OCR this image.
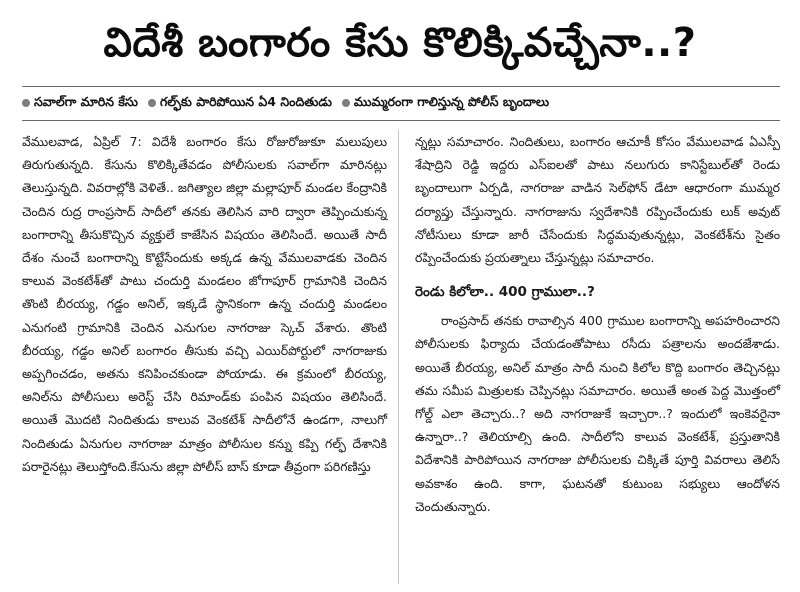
విదేశీ బంగారం కేసు కొలిక్కివచ్చేనా..?
సవాల్‌గా మారిన కేసు గల్ఫ్‌కు పారిపోయిన ఏ4 నిందితుడు ముమ్మరంగా గాలిస్తున్న పోలీస్ బృందాలు

వేములవాడ, ఏప్రిల్ 7: విదేశీ బంగారం కేసు రోజురోజుకూ మలుపులు తిరుగుతున్నది. కేసును కొలిక్కితేవడం పోలీసులకు సవాల్‌గా మారినట్లు తెలుస్తున్నది. వివరాల్లోకి వెళితే.. జగిత్యాల జిల్లా మల్లాపూర్ మండల కేంద్రానికి చెందిన రుద్ర రాంప్రసాద్ సాదీలో తనకు తెలిసిన వారి ద్వారా తెప్పించుకున్న బంగారాన్ని తీసుకొచ్చిన వ్యక్తులే కాజేసిన విషయం తెలిసిందే. అయితే సాదీ దేశం నుంచే బంగారాన్ని కొట్టేసేందుకు అక్కడ ఉన్న వేములవాడకు చెందిన కాలువ వెంకటేశ్‌తో పాటు చందుర్తి మండలం జోగాపూర్ గ్రామానికి చెందిన తొంటి బీరయ్య, గడ్డం అనిల్, ఇక్కడే స్థానికంగా ఉన్న చందుర్తి మండలం ఎనుగంటి గ్రామానికి చెందిన ఎనుగుల నాగరాజు స్కెచ్ వేశారు. తొంటి బీరయ్య, గడ్డం అనిల్ బంగారం తీసుకు వచ్చి ఎయిర్‌పోర్టులో నాగరాజుకు అప్పగించడం, అతను కనిపించకుండా పోయాడు. ఈ క్రమంలో బీరయ్య, అనిల్‌ను పోలీసులు అరెస్ట్ చేసి రిమాండ్‌కు పంపిన విషయం తెలిసిందే. అయితే మొదటి నిందితుడు కాలువ వెంకటేశ్ సాదీలోనే ఉండగా, నాలుగో నిందితుడు ఏనుగుల నాగరాజు మాత్రం పోలీసుల కన్ను కప్పి గల్ఫ్ దేశానికి పరారైనట్లు తెలుస్తోంది.కేసును జిల్లా పోలీస్ బాస్ కూడా తీవ్రంగా పరిగణిస్తు

న్నట్లు సమాచారం. నిందితులు, బంగారం ఆచూకీ కోసం వేములవాడ ఏఎస్పీ శేషాద్రిని రెడ్డి ఇద్దరు ఎస్‌ఐలతో పాటు నలుగురు కానిస్టేబుల్‌తో రెండు బృందాలుగా ఏర్పడి, నాగరాజు వాడిన సెల్‌ఫోన్ డేటా ఆధారంగా ముమ్మర దర్యాప్తు చేస్తున్నారు. నాగరాజును స్వదేశానికి రప్పించేందుకు లుక్ అవుట్ నోటీసులు కూడా జారీ చేసేందుకు సిద్ధమవుతున్నట్లు, వెంకటేశ్‌ను సైతం రప్పించేందుకు ప్రయత్నాలు చేస్తున్నట్లు సమాచారం.

రెండు కిలోలా.. 400 గ్రాములా..?

రాంప్రసాద్ తనకు రావాల్సిన 400 గ్రాముల బంగారాన్ని అపహరించారని పోలీసులకు ఫిర్యాదు చేయడంతోపాటు రసీదు పత్రాలను అందజేశాడు. అయితే బీరయ్య, అనిల్ మాత్రం సాదీ నుంచి కిలోల కొద్ది బంగారం తెచ్చినట్లు తమ సమీప మిత్రులకు చెప్పినట్లు సమాచారం. అయితే అంత పెద్ద మొత్తంలో గోల్డ్ ఎలా తెచ్చారు..? అది నాగరాజుకే ఇచ్చారా..? ఇందులో ఇంకెవరైనా ఉన్నారా..? తెలియాల్సి ఉంది. సాదీలోని కాలువ వెంకటేశ్, ప్రస్తుతానికి విదేశానికి పారిపోయిన నాగరాజు పోలీసులకు చిక్కితే పూర్తి వివరాలు తెలిసే అవకాశం ఉంది. కాగా, ఘటనతో కుటుంబ సభ్యులు ఆందోళన చెందుతున్నారు.
